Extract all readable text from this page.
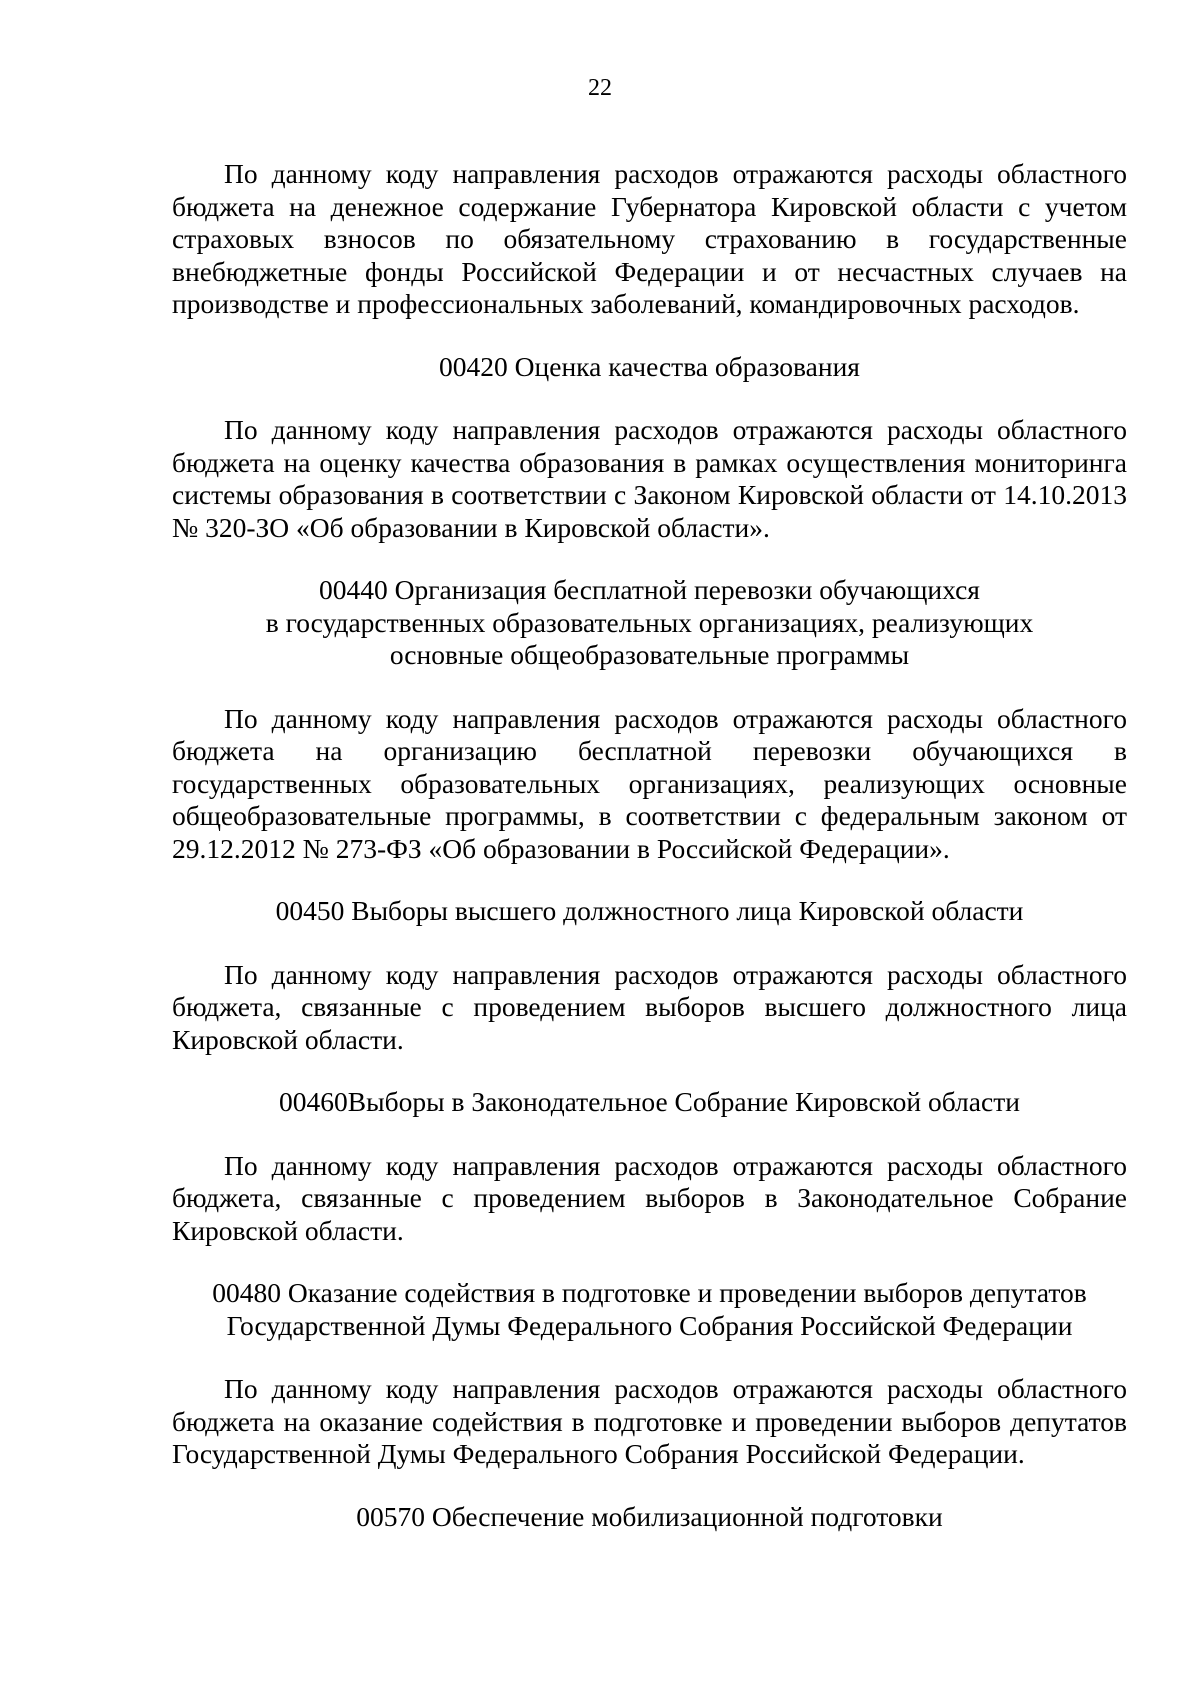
22

По данному коду направления расходов отражаются расходы областного бюджета на денежное содержание Губернатора Кировской области с учетом страховых взносов по обязательному страхованию в государственные внебюджетные фонды Российской Федерации и от несчастных случаев на производстве и профессиональных заболеваний, командировочных расходов.

00420 Оценка качества образования

По данному коду направления расходов отражаются расходы областного бюджета на оценку качества образования в рамках осуществления мониторинга системы образования в соответствии с Законом Кировской области от 14.10.2013 № 320-ЗО «Об образовании в Кировской области».

00440 Организация бесплатной перевозки обучающихся
в государственных образовательных организациях, реализующих
основные общеобразовательные программы

По данному коду направления расходов отражаются расходы областного бюджета на организацию бесплатной перевозки обучающихся в государственных образовательных организациях, реализующих основные общеобразовательные программы, в соответствии с федеральным законом от 29.12.2012 № 273-ФЗ «Об образовании в Российской Федерации».

00450 Выборы высшего должностного лица Кировской области

По данному коду направления расходов отражаются расходы областного бюджета, связанные с проведением выборов высшего должностного лица Кировской области.

00460Выборы в Законодательное Собрание Кировской области

По данному коду направления расходов отражаются расходы областного бюджета, связанные с проведением выборов в Законодательное Собрание Кировской области.

00480 Оказание содействия в подготовке и проведении выборов депутатов
Государственной Думы Федерального Собрания Российской Федерации

По данному коду направления расходов отражаются расходы областного бюджета на оказание содействия в подготовке и проведении выборов депутатов Государственной Думы Федерального Собрания Российской Федерации.

00570 Обеспечение мобилизационной подготовки
